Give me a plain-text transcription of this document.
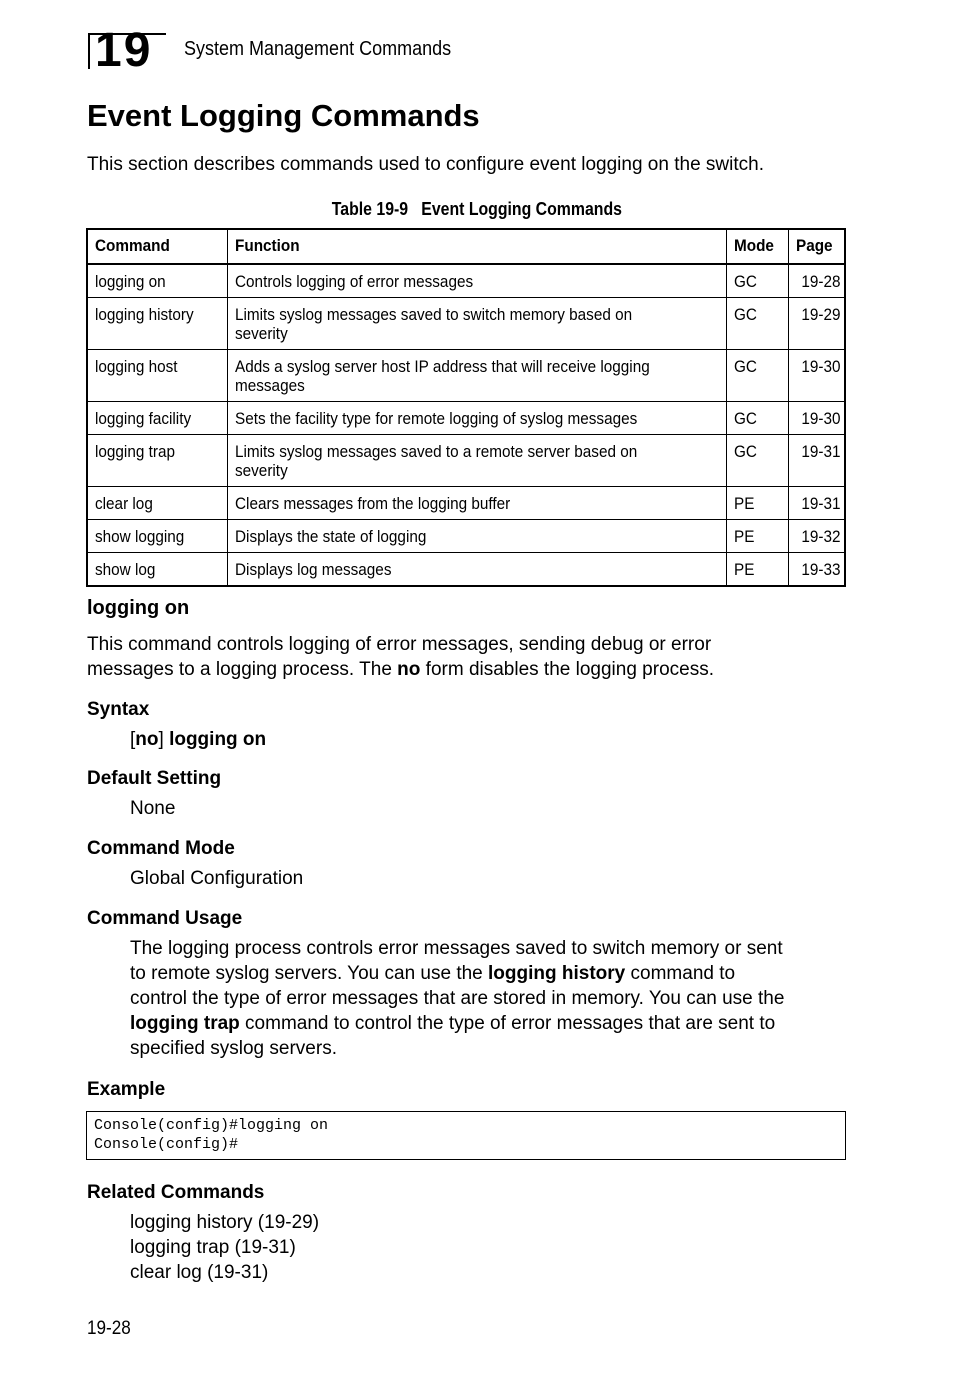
19 System Management Commands
Event Logging Commands
This section describes commands used to configure event logging on the switch.
Table 19-9   Event Logging Commands
Command	Function	Mode	Page
logging on	Controls logging of error messages	GC	19-28
logging history	Limits syslog messages saved to switch memory based on severity	GC	19-29
logging host	Adds a syslog server host IP address that will receive logging messages	GC	19-30
logging facility	Sets the facility type for remote logging of syslog messages	GC	19-30
logging trap	Limits syslog messages saved to a remote server based on severity	GC	19-31
clear log	Clears messages from the logging buffer	PE	19-31
show logging	Displays the state of logging	PE	19-32
show log	Displays log messages	PE	19-33
logging on
This command controls logging of error messages, sending debug or error
messages to a logging process. The no form disables the logging process.
Syntax
[no] logging on
Default Setting
None
Command Mode
Global Configuration
Command Usage
The logging process controls error messages saved to switch memory or sent
to remote syslog servers. You can use the logging history command to
control the type of error messages that are stored in memory. You can use the
logging trap command to control the type of error messages that are sent to
specified syslog servers.
Example
Console(config)#logging on
Console(config)#
Related Commands
logging history (19-29)
logging trap (19-31)
clear log (19-31)
19-28
